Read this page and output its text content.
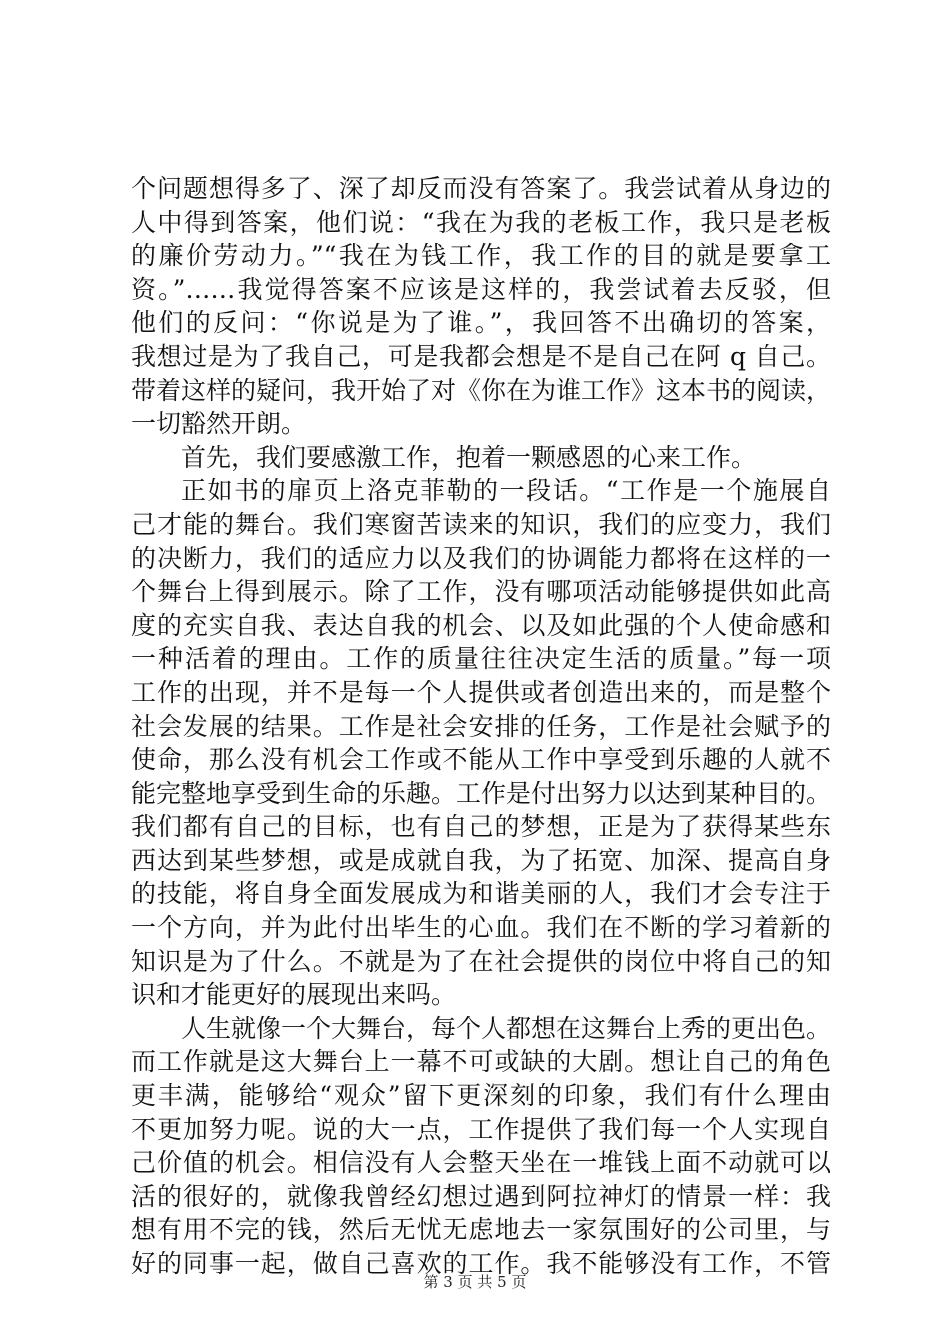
个问题想得多了、深了却反而没有答案了。我尝试着从身边的
人中得到答案，他们说：“我在为我的老板工作，我只是老板
的廉价劳动力。”“我在为钱工作，我工作的目的就是要拿工
资。”……我觉得答案不应该是这样的，我尝试着去反驳，但
他们的反问：“你说是为了谁。”，我回答不出确切的答案，
我想过是为了我自己，可是我都会想是不是自己在阿 q 自己。
带着这样的疑问，我开始了对《你在为谁工作》这本书的阅读，
一切豁然开朗。
首先，我们要感激工作，抱着一颗感恩的心来工作。
正如书的扉页上洛克菲勒的一段话。“工作是一个施展自
己才能的舞台。我们寒窗苦读来的知识，我们的应变力，我们
的决断力，我们的适应力以及我们的协调能力都将在这样的一
个舞台上得到展示。除了工作，没有哪项活动能够提供如此高
度的充实自我、表达自我的机会、以及如此强的个人使命感和
一种活着的理由。工作的质量往往决定生活的质量。”每一项
工作的出现，并不是每一个人提供或者创造出来的，而是整个
社会发展的结果。工作是社会安排的任务，工作是社会赋予的
使命，那么没有机会工作或不能从工作中享受到乐趣的人就不
能完整地享受到生命的乐趣。工作是付出努力以达到某种目的。
我们都有自己的目标，也有自己的梦想，正是为了获得某些东
西达到某些梦想，或是成就自我，为了拓宽、加深、提高自身
的技能，将自身全面发展成为和谐美丽的人，我们才会专注于
一个方向，并为此付出毕生的心血。我们在不断的学习着新的
知识是为了什么。不就是为了在社会提供的岗位中将自己的知
识和才能更好的展现出来吗。
人生就像一个大舞台，每个人都想在这舞台上秀的更出色。
而工作就是这大舞台上一幕不可或缺的大剧。想让自己的角色
更丰满，能够给“观众”留下更深刻的印象，我们有什么理由
不更加努力呢。说的大一点，工作提供了我们每一个人实现自
己价值的机会。相信没有人会整天坐在一堆钱上面不动就可以
活的很好的，就像我曾经幻想过遇到阿拉神灯的情景一样：我
想有用不完的钱，然后无忧无虑地去一家氛围好的公司里，与
好的同事一起，做自己喜欢的工作。我不能够没有工作，不管
第 3 页 共 5 页
